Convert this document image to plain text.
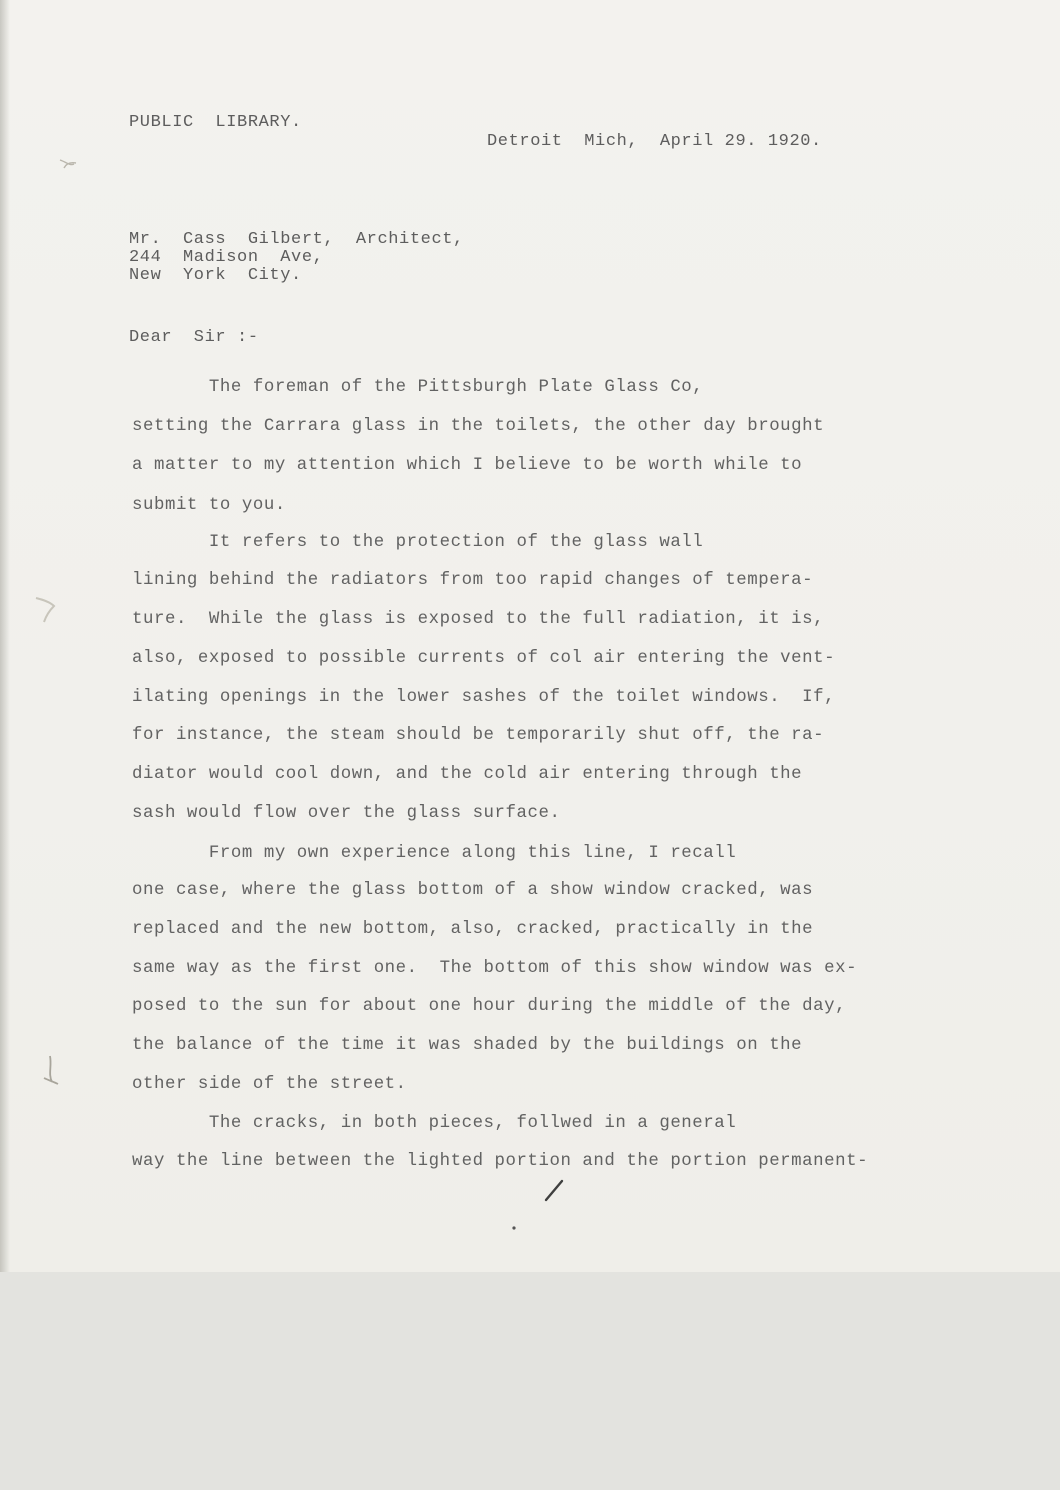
PUBLIC  LIBRARY.
Detroit  Mich,  April 29. 1920.
Mr.  Cass  Gilbert,  Architect,
244  Madison  Ave,
New  York  City.
Dear  Sir :-
The foreman of the Pittsburgh Plate Glass Co,
setting the Carrara glass in the toilets, the other day brought
a matter to my attention which I believe to be worth while to
submit to you.
It refers to the protection of the glass wall
lining behind the radiators from too rapid changes of tempera-
ture.  While the glass is exposed to the full radiation, it is,
also, exposed to possible currents of col air entering the vent-
ilating openings in the lower sashes of the toilet windows.  If,
for instance, the steam should be temporarily shut off, the ra-
diator would cool down, and the cold air entering through the
sash would flow over the glass surface.
From my own experience along this line, I recall
one case, where the glass bottom of a show window cracked, was
replaced and the new bottom, also, cracked, practically in the
same way as the first one.  The bottom of this show window was ex-
posed to the sun for about one hour during the middle of the day,
the balance of the time it was shaded by the buildings on the
other side of the street.
The cracks, in both pieces, follwed in a general
way the line between the lighted portion and the portion permanent-
